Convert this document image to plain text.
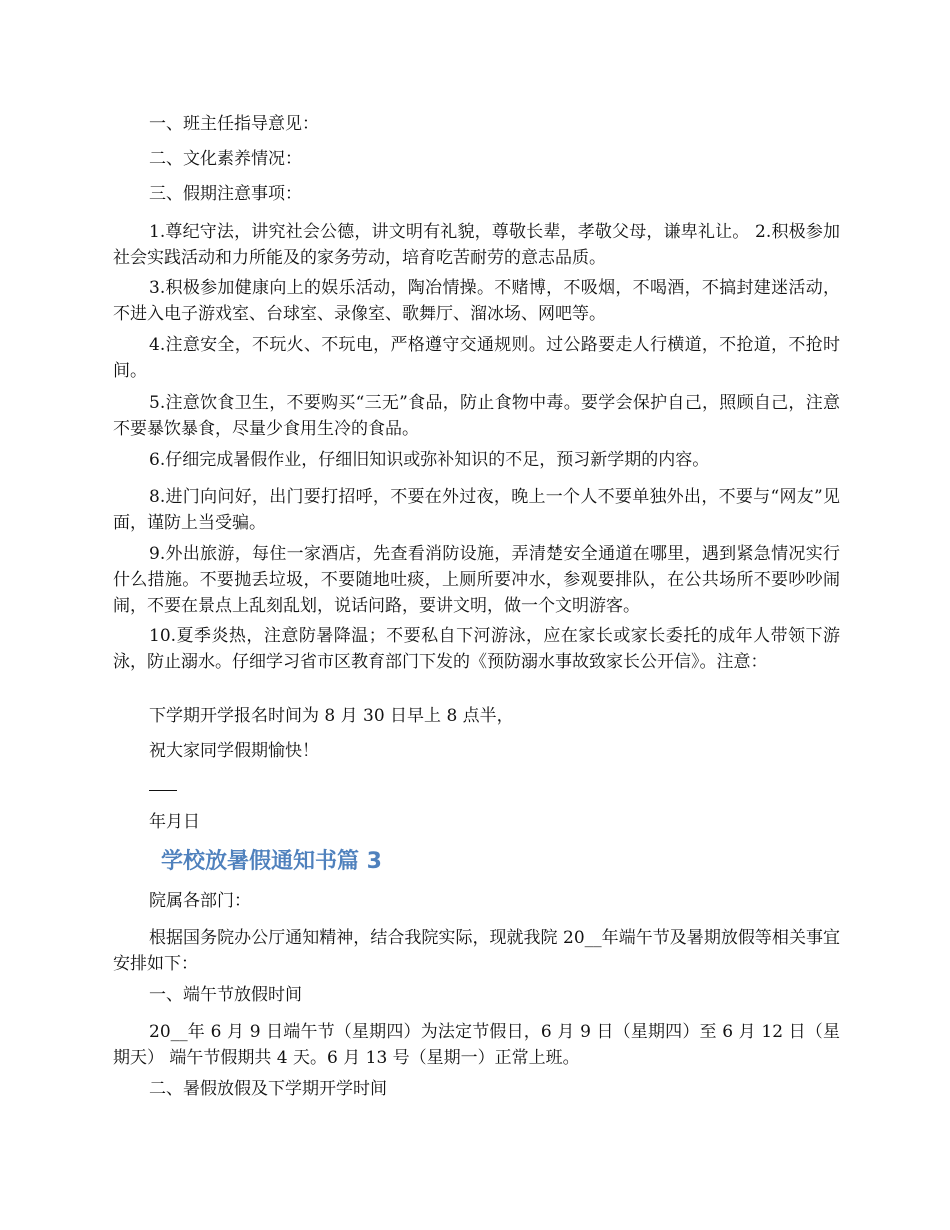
一、班主任指导意见：

二、文化素养情况：

三、假期注意事项：

1.尊纪守法，讲究社会公德，讲文明有礼貌，尊敬长辈，孝敬父母，谦卑礼让。 2.积极参加社会实践活动和力所能及的家务劳动，培育吃苦耐劳的意志品质。

3.积极参加健康向上的娱乐活动，陶冶情操。不赌博，不吸烟，不喝酒，不搞封建迷活动，不进入电子游戏室、台球室、录像室、歌舞厅、溜冰场、网吧等。

4.注意安全，不玩火、不玩电，严格遵守交通规则。过公路要走人行横道，不抢道，不抢时间。

5.注意饮食卫生，不要购买“三无”食品，防止食物中毒。要学会保护自己，照顾自己，注意不要暴饮暴食，尽量少食用生冷的食品。

6.仔细完成暑假作业，仔细旧知识或弥补知识的不足，预习新学期的内容。

8.进门向问好，出门要打招呼，不要在外过夜，晚上一个人不要单独外出，不要与“网友”见面，谨防上当受骗。

9.外出旅游，每住一家酒店，先查看消防设施，弄清楚安全通道在哪里，遇到紧急情况实行什么措施。不要抛丢垃圾，不要随地吐痰，上厕所要冲水，参观要排队，在公共场所不要吵吵闹闹，不要在景点上乱刻乱划，说话问路，要讲文明，做一个文明游客。

10.夏季炎热，注意防暑降温；不要私自下河游泳，应在家长或家长委托的成年人带领下游泳，防止溺水。仔细学习省市区教育部门下发的《预防溺水事故致家长公开信》。注意：

下学期开学报名时间为 8 月 30 日早上 8 点半，

祝大家同学假期愉快！

年月日

学校放暑假通知书篇 3

院属各部门：

根据国务院办公厅通知精神，结合我院实际，现就我院 20__年端午节及暑期放假等相关事宜安排如下：

一、端午节放假时间

20__年 6 月 9 日端午节（星期四）为法定节假日，6 月 9 日（星期四）至 6 月 12 日（星期天） 端午节假期共 4 天。6 月 13 号（星期一）正常上班。

二、暑假放假及下学期开学时间
